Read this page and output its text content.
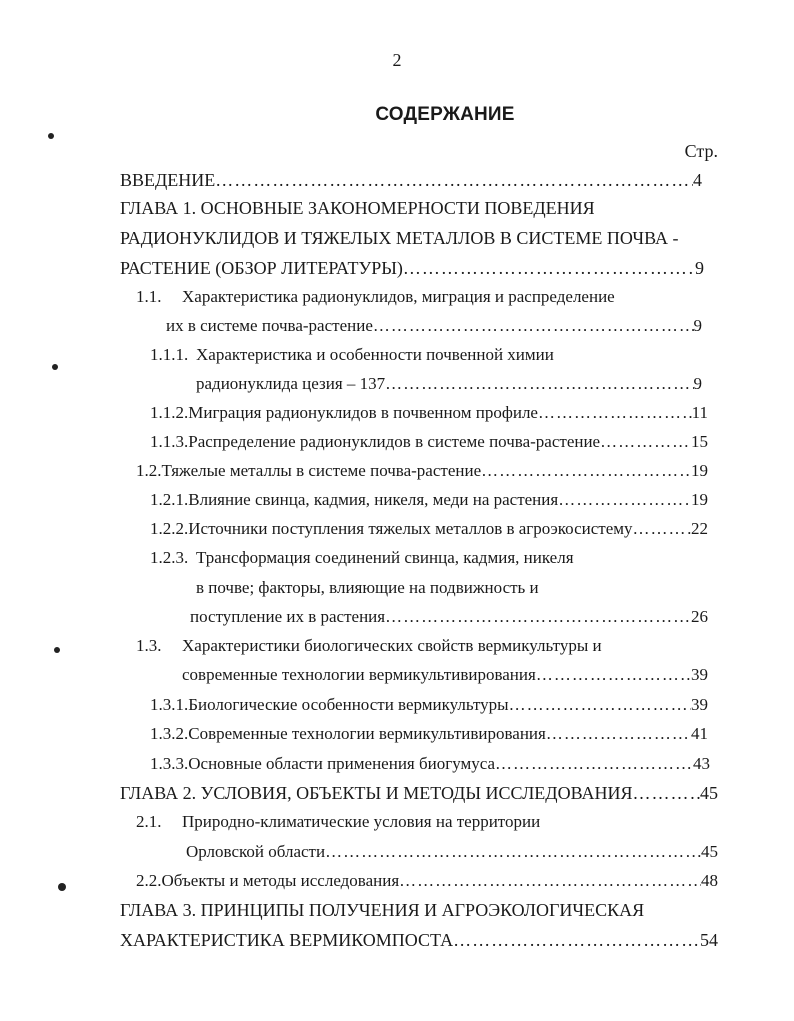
2
СОДЕРЖАНИЕ
Стр.
ВВЕДЕНИЕ ……………………………………………………………………………………………………………………………………………………	4
ГЛАВА 1. ОСНОВНЫЕ ЗАКОНОМЕРНОСТИ ПОВЕДЕНИЯ
РАДИОНУКЛИДОВ И ТЯЖЕЛЫХ МЕТАЛЛОВ В СИСТЕМЕ ПОЧВА -
РАСТЕНИЕ (ОБЗОР ЛИТЕРАТУРЫ) ……………………………………………………………………………………………………………………………………………………	9
1.1.	Характеристика радионуклидов, миграция и распределение
их в системе почва-растение ……………………………………………………………………………………………………………………………………………………	9
1.1.1. Характеристика и особенности почвенной химии
радионуклида цезия – 137 ……………………………………………………………………………………………………………………………………………………	9
1.1.2. Миграция радионуклидов в почвенном профиле ……………………………………………………………………………………………………………………………………………………	11
1.1.3. Распределение радионуклидов в системе почва-растение ……………………………………………………………………………………………………………………………………………………	15
1.2. Тяжелые металлы в системе почва-растение ……………………………………………………………………………………………………………………………………………………	19
1.2.1. Влияние свинца, кадмия, никеля, меди на растения ……………………………………………………………………………………………………………………………………………………	19
1.2.2. Источники поступления тяжелых металлов в агроэкосистему ……………………………………………………………………………………………………………………………………………………	22
1.2.3. Трансформация соединений свинца, кадмия, никеля
в почве; факторы, влияющие на подвижность и
поступление их в растения ……………………………………………………………………………………………………………………………………………………	26
1.3.	Характеристики биологических свойств вермикультуры и
современные технологии вермикультивирования ……………………………………………………………………………………………………………………………………………………	39
1.3.1. Биологические особенности вермикультуры ……………………………………………………………………………………………………………………………………………………	39
1.3.2. Современные технологии вермикультивирования ……………………………………………………………………………………………………………………………………………………	41
1.3.3. Основные области применения биогумуса ……………………………………………………………………………………………………………………………………………………	43
ГЛАВА 2. УСЛОВИЯ, ОБЪЕКТЫ И МЕТОДЫ ИССЛЕДОВАНИЯ ……………………………………………………………………………………………………………………………………………………	45
2.1.	Природно-климатические условия на территории
Орловской области ……………………………………………………………………………………………………………………………………………………	45
2.2. Объекты и методы исследования ……………………………………………………………………………………………………………………………………………………	48
ГЛАВА 3. ПРИНЦИПЫ ПОЛУЧЕНИЯ И АГРОЭКОЛОГИЧЕСКАЯ
ХАРАКТЕРИСТИКА ВЕРМИКОМПОСТА ……………………………………………………………………………………………………………………………………………………	54
